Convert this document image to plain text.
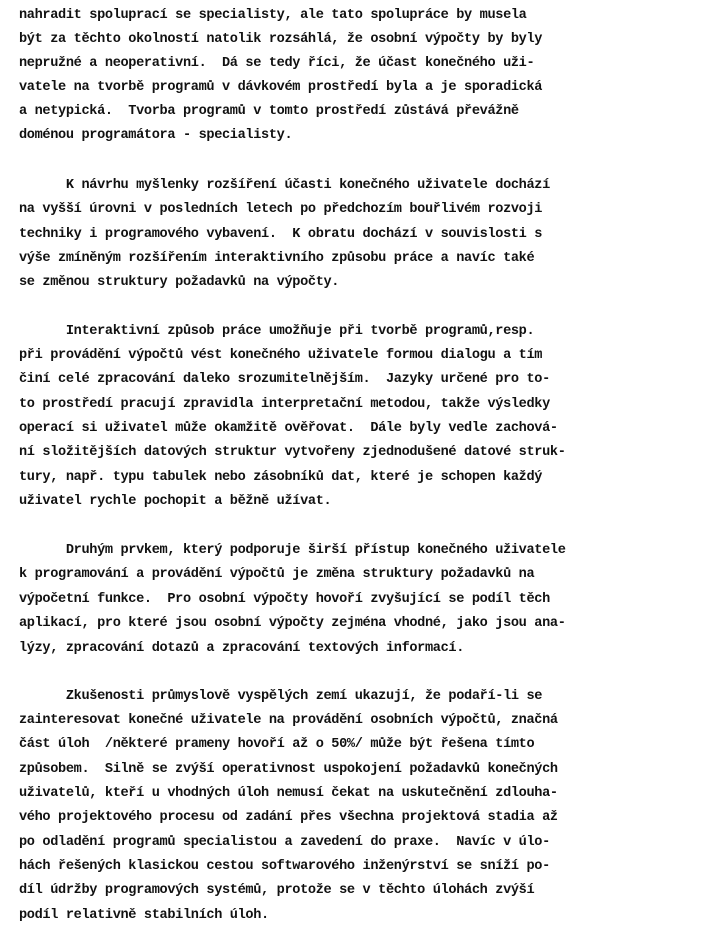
nahradit spoluprací se specialisty, ale tato spolupráce by musela
být za těchto okolností natolik rozsáhlá, že osobní výpočty by byly
nepružné a neoperativní.  Dá se tedy říci, že účast konečného uži-
vatele na tvorbě programů v dávkovém prostředí byla a je sporadická
a netypická.  Tvorba programů v tomto prostředí zůstává převážně
doménou programátora - specialisty.
K návrhu myšlenky rozšíření účasti konečného uživatele dochází
na vyšší úrovni v posledních letech po předchozím bouřlivém rozvoji
techniky i programového vybavení.  K obratu dochází v souvislosti s
výše zmíněným rozšířením interaktivního způsobu práce a navíc také
se změnou struktury požadavků na výpočty.
Interaktivní způsob práce umožňuje při tvorbě programů,resp.
při provádění výpočtů vést konečného uživatele formou dialogu a tím
činí celé zpracování daleko srozumitelnějším.  Jazyky určené pro to-
to prostředí pracují zpravidla interpretační metodou, takže výsledky
operací si uživatel může okamžitě ověřovat.  Dále byly vedle zachová-
ní složitějších datových struktur vytvořeny zjednodušené datové struk-
tury, např. typu tabulek nebo zásobníků dat, které je schopen každý
uživatel rychle pochopit a běžně užívat.
Druhým prvkem, který podporuje širší přístup konečného uživatele
k programování a provádění výpočtů je změna struktury požadavků na
výpočetní funkce.  Pro osobní výpočty hovoří zvyšující se podíl těch
aplikací, pro které jsou osobní výpočty zejména vhodné, jako jsou ana-
lýzy, zpracování dotazů a zpracování textových informací.
Zkušenosti průmyslově vyspělých zemí ukazují, že podaří-li se
zainteresovat konečné uživatele na provádění osobních výpočtů, značná
část úloh  /některé prameny hovoří až o 50%/ může být řešena tímto
způsobem.  Silně se zvýší operativnost uspokojení požadavků konečných
uživatelů, kteří u vhodných úloh nemusí čekat na uskutečnění zdlouha-
vého projektového procesu od zadání přes všechna projektová stadia až
po odladění programů specialistou a zavedení do praxe.  Navíc v úlo-
hách řešených klasickou cestou softwarového inženýrství se sníží po-
díl údržby programových systémů, protože se v těchto úlohách zvýší
podíl relativně stabilních úloh.
